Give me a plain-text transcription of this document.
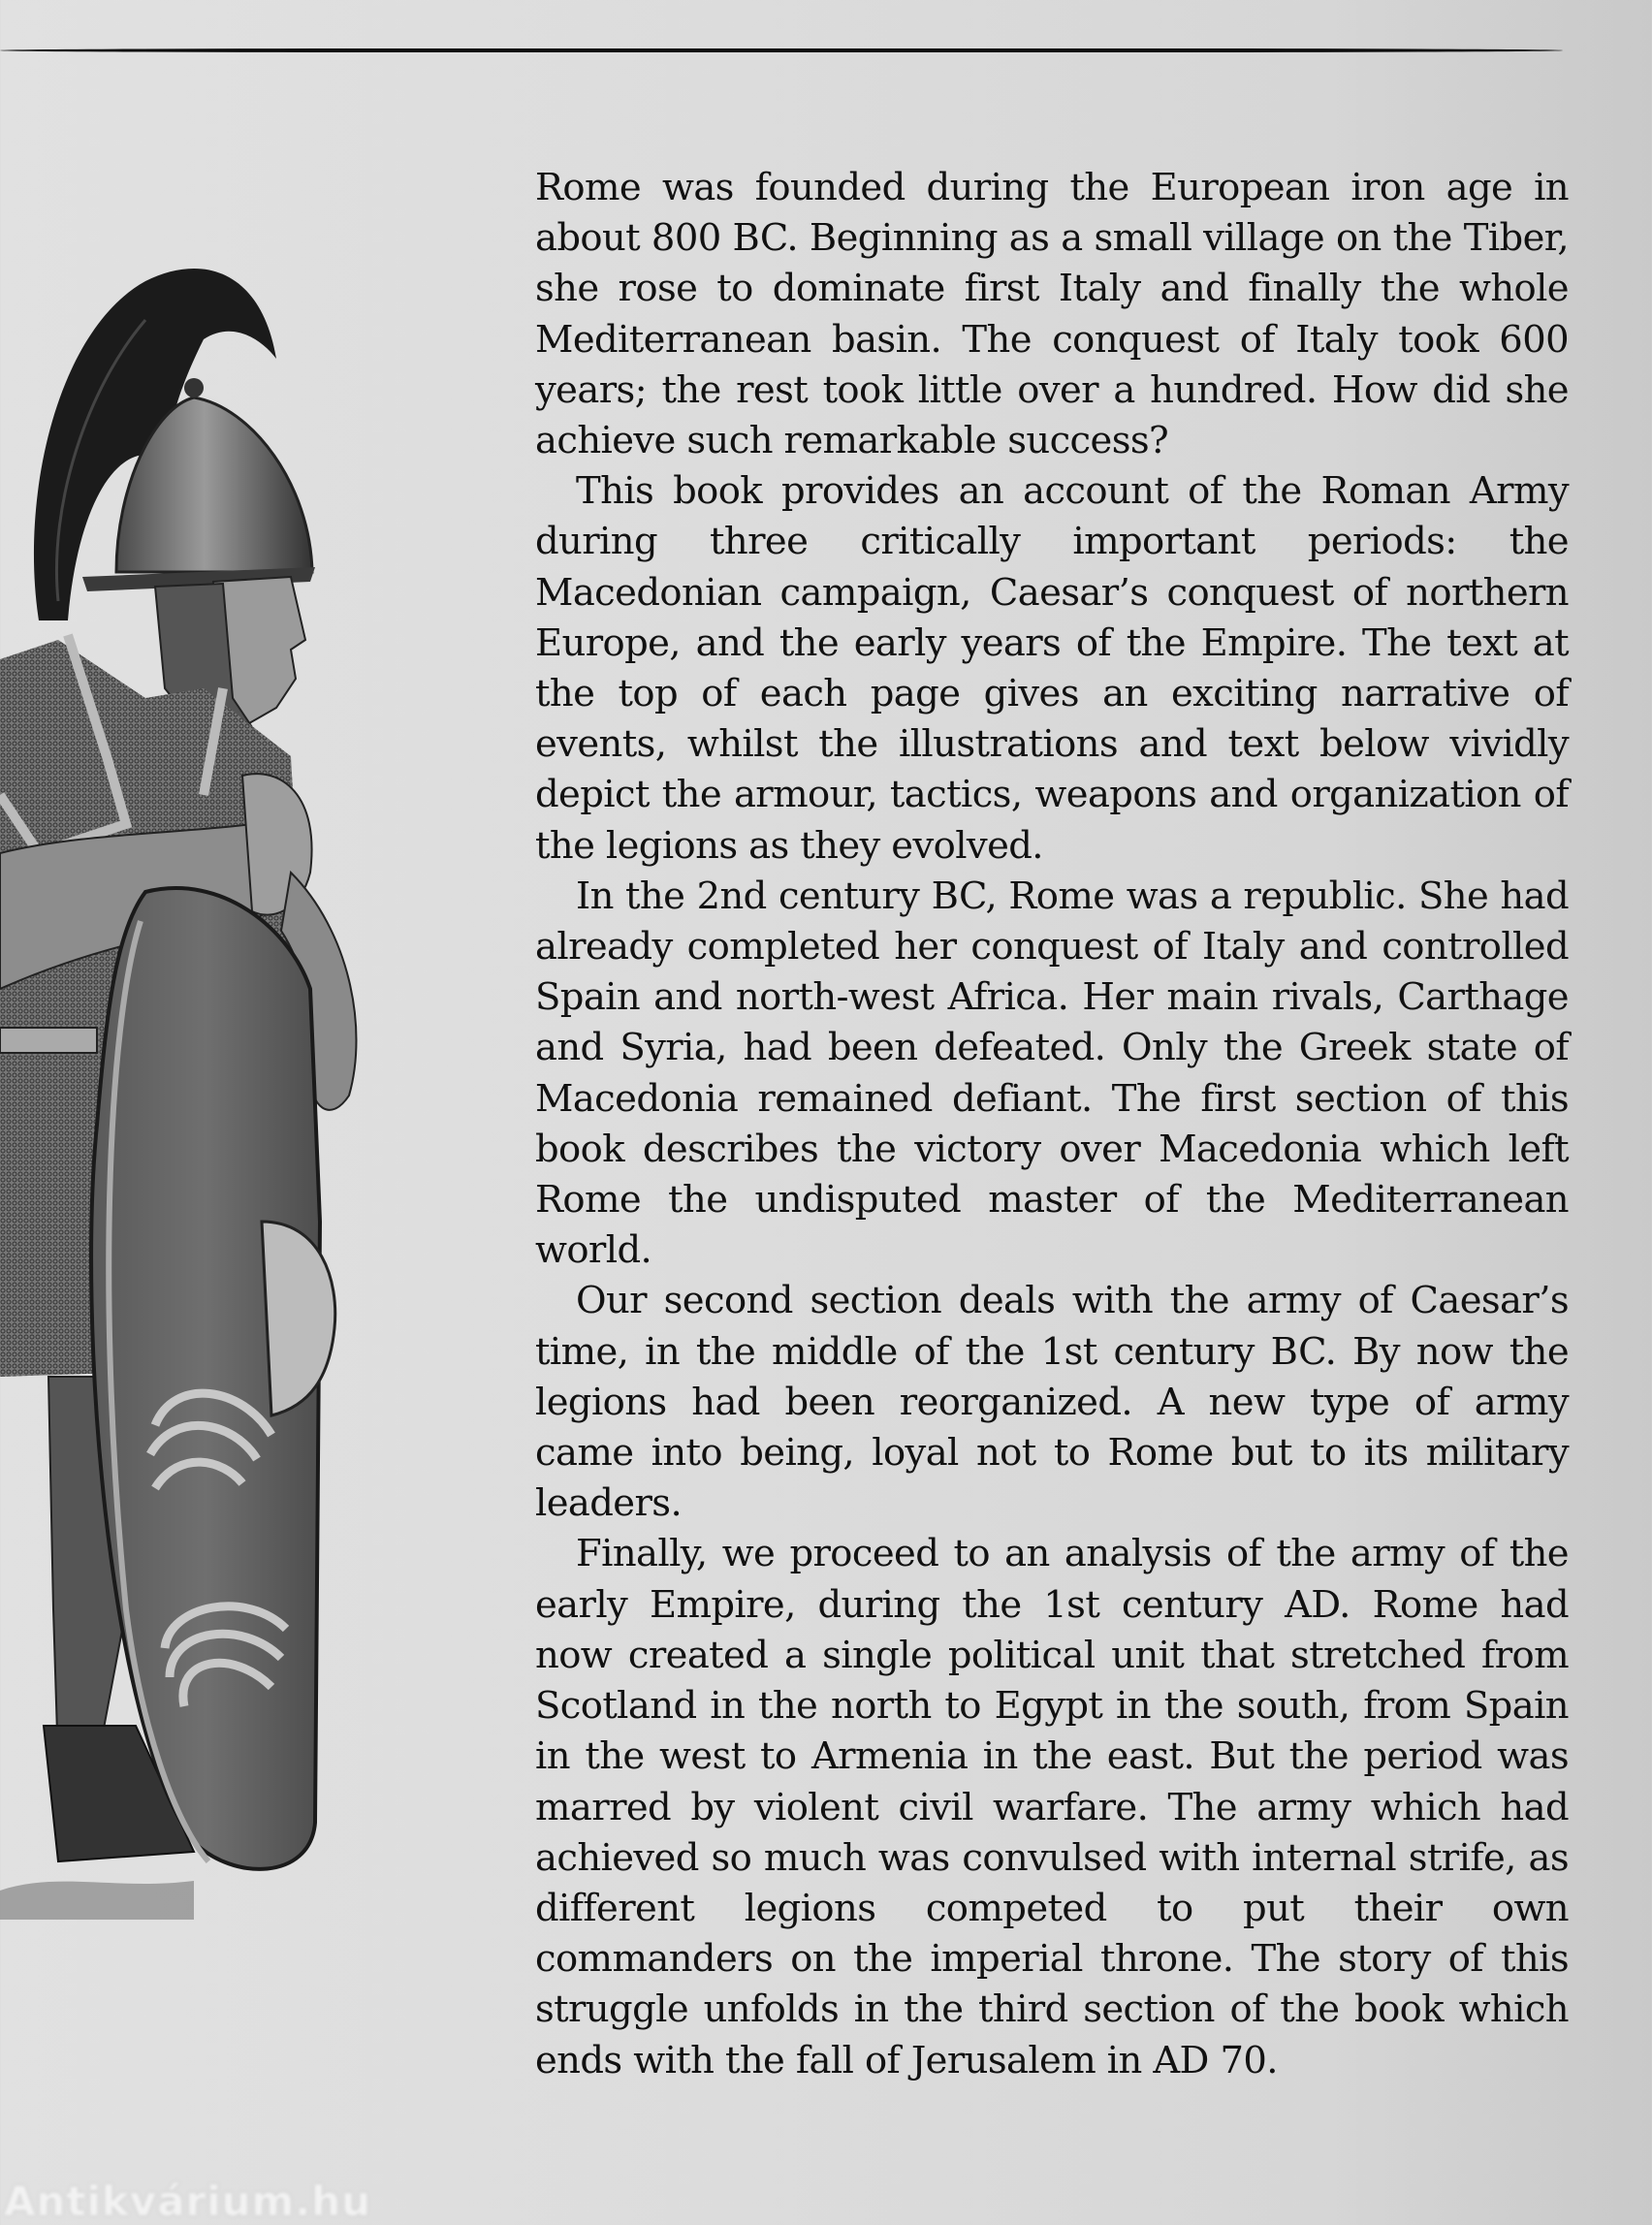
Rome was founded during the European iron age in about 800 BC. Beginning as a small village on the Tiber, she rose to dominate first Italy and finally the whole Mediterranean basin. The conquest of Italy took 600 years; the rest took little over a hundred. How did she achieve such remarkable success?

This book provides an account of the Roman Army during three critically important periods: the Macedonian campaign, Caesar’s conquest of northern Europe, and the early years of the Empire. The text at the top of each page gives an exciting narrative of events, whilst the illustrations and text below vividly depict the armour, tactics, weapons and organization of the legions as they evolved.

In the 2nd century BC, Rome was a republic. She had already completed her conquest of Italy and controlled Spain and north-west Africa. Her main rivals, Carthage and Syria, had been defeated. Only the Greek state of Macedonia remained defiant. The first section of this book describes the victory over Macedonia which left Rome the undisputed master of the Mediterranean world.

Our second section deals with the army of Caesar’s time, in the middle of the 1st century BC. By now the legions had been reorganized. A new type of army came into being, loyal not to Rome but to its military leaders.

Finally, we proceed to an analysis of the army of the early Empire, during the 1st century AD. Rome had now created a single political unit that stretched from Scotland in the north to Egypt in the south, from Spain in the west to Armenia in the east. But the period was marred by violent civil warfare. The army which had achieved so much was convulsed with internal strife, as different legions competed to put their own commanders on the imperial throne. The story of this struggle unfolds in the third section of the book which ends with the fall of Jerusalem in AD 70.

Antikvárium.hu
